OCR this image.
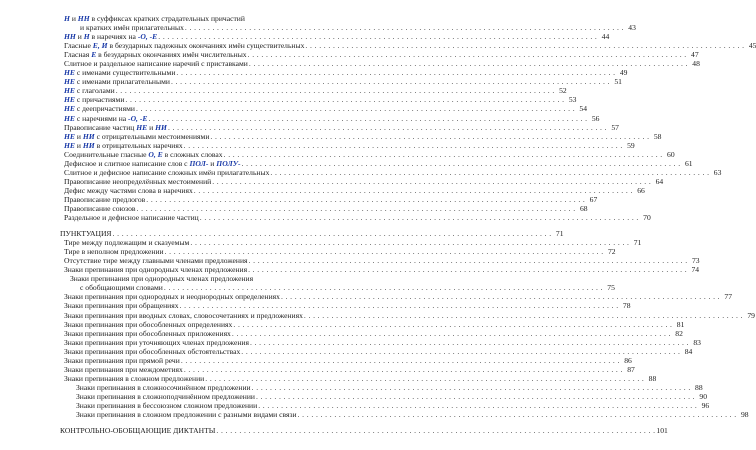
Н и НН в суффиксах кратких страдательных причастий
и кратких имён прилагательных . . .	43
НН и Н в наречиях на -О, -Е . . .	44
Гласные Е, И в безударных падежных окончаниях имён существительных . . .	45
Гласная Е в безударных окончаниях имён числительных . . .	47
Слитное и раздельное написание наречий с приставками . . .	48
НЕ с именами существительными . . .	49
НЕ с именами прилагательными . . .	51
НЕ с глаголами . . .	52
НЕ с причастиями . . .	53
НЕ с деепричастиями . . .	54
НЕ с наречиями на -О, -Е . . .	56
Правописание частиц НЕ и НИ . . .	57
НЕ и НИ с отрицательными местоимениями . . .	58
НЕ и НИ в отрицательных наречиях . . .	59
Соединительные гласные О, Е в сложных словах . . .	60
Дефисное и слитное написание слов с ПОЛ- и ПОЛУ- . . .	61
Слитное и дефисное написание сложных имён прилагательных . . .	63
Правописание неопределённых местоимений . . .	64
Дефис между частями слова в наречиях . . .	66
Правописание предлогов . . .	67
Правописание союзов . . .	68
Раздельное и дефисное написание частиц . . .	70
ПУНКТУАЦИЯ . . .	71
Тире между подлежащим и сказуемым . . .	71
Тире в неполном предложении . . .	72
Отсутствие тире между главными членами предложения . . .	73
Знаки препинания при однородных членах предложения . . .	74
Знаки препинания при однородных членах предложения
с обобщающими словами . . .	75
Знаки препинания при однородных и неоднородных определениях . . .	77
Знаки препинания при обращениях . . .	78
Знаки препинания при вводных словах, словосочетаниях и предложениях . . .	79
Знаки препинания при обособленных определениях . . .	81
Знаки препинания при обособленных приложениях . . .	82
Знаки препинания при уточняющих членах предложения . . .	83
Знаки препинания при обособленных обстоятельствах . . .	84
Знаки препинания при прямой речи . . .	86
Знаки препинания при междометиях . . .	87
Знаки препинания в сложном предложении . . .	88
Знаки препинания в сложносочинённом предложении . . .	88
Знаки препинания в сложноподчинённом предложении . . .	90
Знаки препинания в бессоюзном сложном предложении . . .	96
Знаки препинания в сложном предложении с разными видами связи . . .	98
КОНТРОЛЬНО-ОБОБЩАЮЩИЕ ДИКТАНТЫ . . .	101
